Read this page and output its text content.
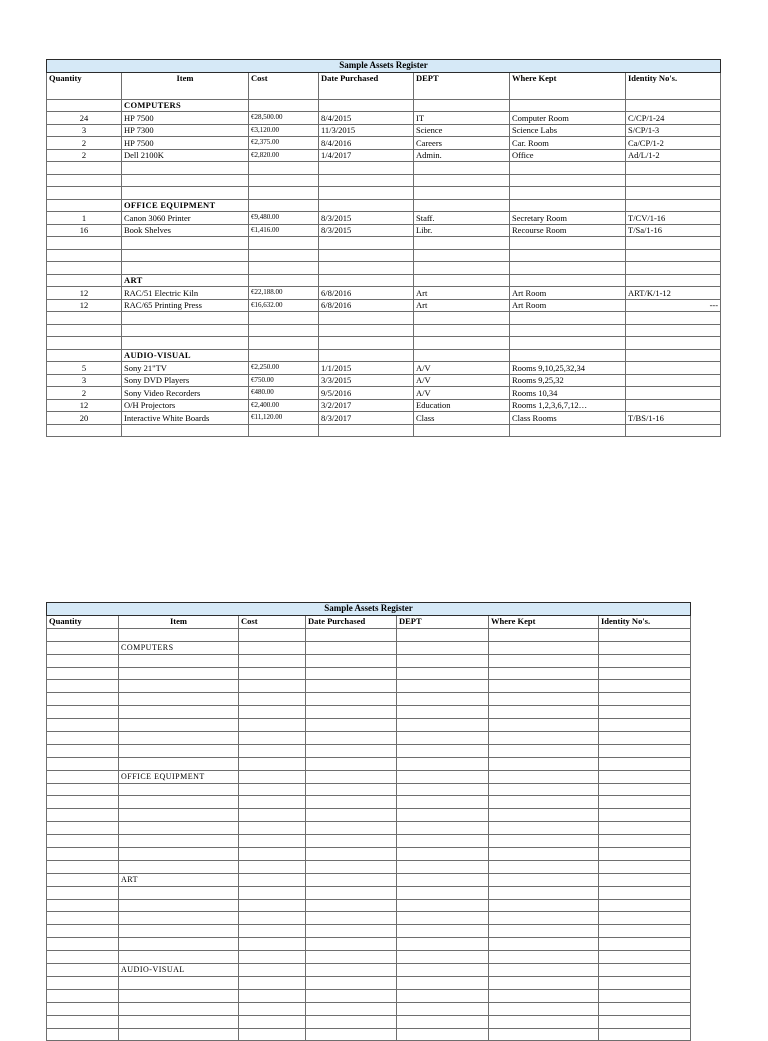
Sample Assets Register						
Quantity	Item	Cost	Date Purchased	DEPT	Where Kept	Identity No's.
	COMPUTERS					
24	HP 7500	€28,500.00	8/4/2015	IT	Computer Room	C/CP/1-24
3	HP 7300	€3,120.00	11/3/2015	Science	Science Labs	S/CP/1-3
2	HP 7500	€2,375.00	8/4/2016	Careers	Car. Room	Ca/CP/1-2
2	Dell 2100K	€2,820.00	1/4/2017	Admin.	Office	Ad/L/1-2

	OFFICE EQUIPMENT					
1	Canon 3060 Printer	€9,480.00	8/3/2015	Staff.	Secretary Room	T/CV/1-16
16	Book Shelves	€1,416.00	8/3/2015	Libr.	Recourse Room	T/Sa/1-16

	ART					
12	RAC/51 Electric Kiln	€22,188.00	6/8/2016	Art	Art Room	ART/K/1-12
12	RAC/65 Printing Press	€16,632.00	6/8/2016	Art	Art Room	---

	AUDIO-VISUAL					
5	Sony 21"TV	€2,250.00	1/1/2015	A/V	Rooms 9,10,25,32,34	
3	Sony DVD Players	€750.00	3/3/2015	A/V	Rooms 9,25,32	
2	Sony Video Recorders	€480.00	9/5/2016	A/V	Rooms 10,34	
12	O/H Projectors	€2,400.00	3/2/2017	Education	Rooms 1,2,3,6,7,12…	
20	Interactive White Boards	€11,120.00	8/3/2017	Class	Class Rooms	T/BS/1-16

Sample Assets Register						
Quantity	Item	Cost	Date Purchased	DEPT	Where Kept	Identity No's.

	COMPUTERS					

	OFFICE EQUIPMENT					

	ART					

	AUDIO-VISUAL					
